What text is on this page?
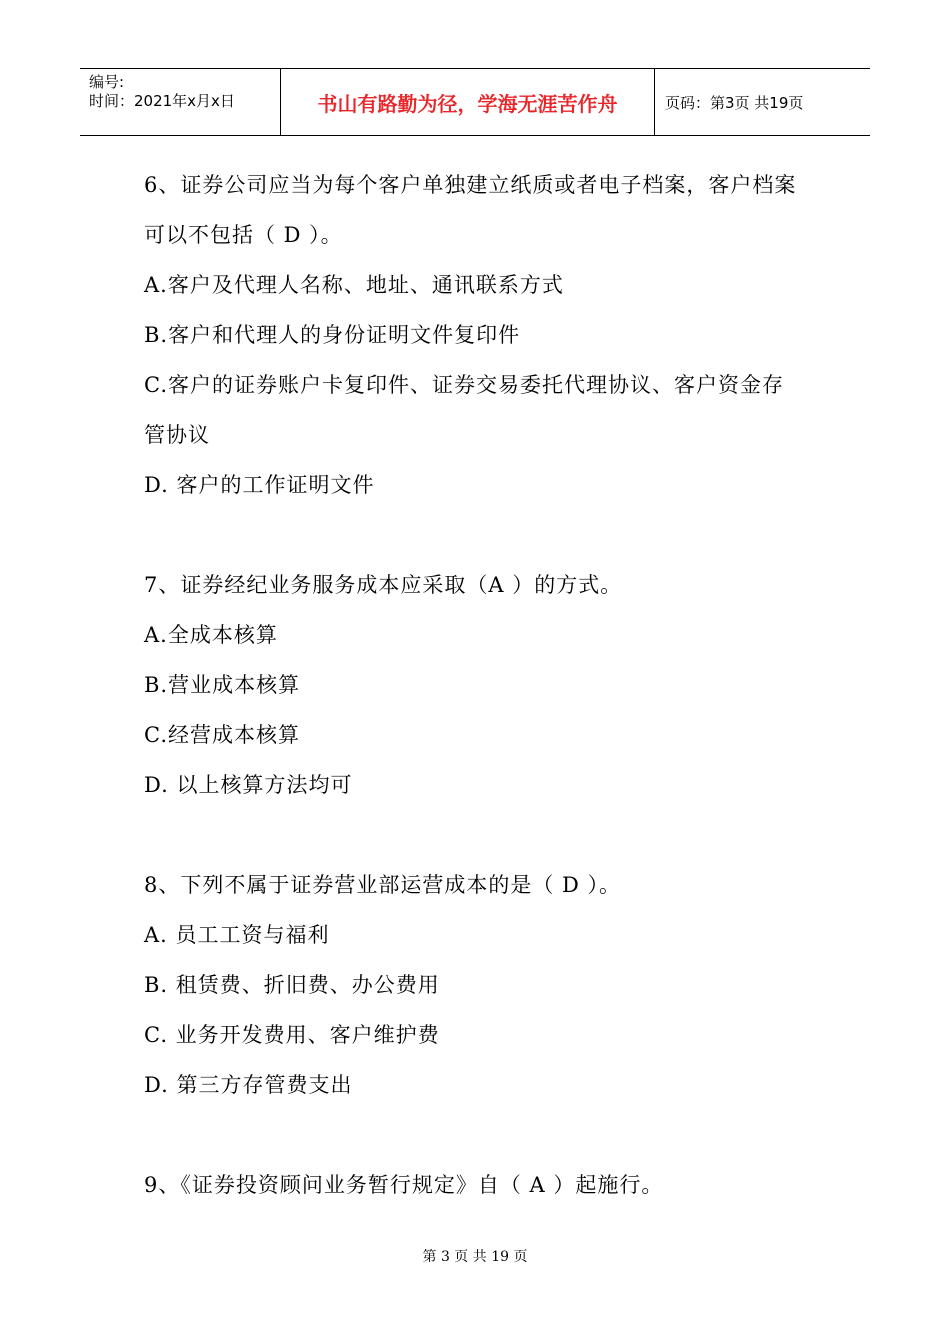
编号:
时间：2021年x月x日	书山有路勤为径，学海无涯苦作舟	页码：第3页 共19页
6、证券公司应当为每个客户单独建立纸质或者电子档案，客户档案
可以不包括（ D ）。
A.客户及代理人名称、地址、通讯联系方式
B.客户和代理人的身份证明文件复印件
C.客户的证券账户卡复印件、证券交易委托代理协议、客户资金存
管协议
D. 客户的工作证明文件
7、证券经纪业务服务成本应采取（A ）的方式。
A.全成本核算
B.营业成本核算
C.经营成本核算
D. 以上核算方法均可
8、下列不属于证券营业部运营成本的是（ D ）。
A. 员工工资与福利
B. 租赁费、折旧费、办公费用
C. 业务开发费用、客户维护费
D. 第三方存管费支出
9、《证券投资顾问业务暂行规定》自（ A ）起施行。
第 3 页 共 19 页
